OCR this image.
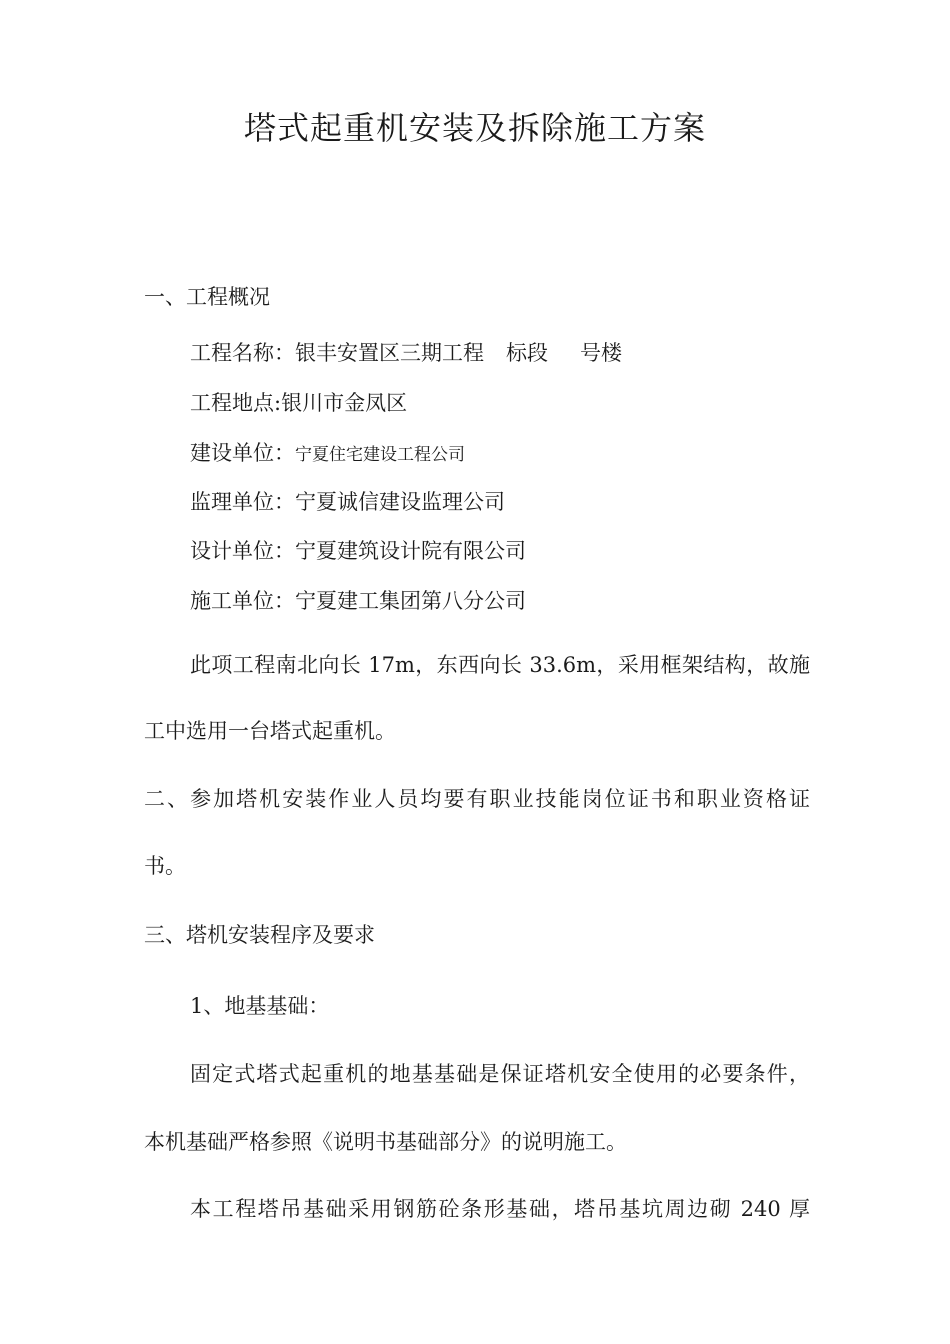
塔式起重机安装及拆除施工方案
一、工程概况
工程名称：银丰安置区三期工程 标段 号楼
工程地点:银川市金凤区
建设单位：宁夏住宅建设工程公司
监理单位：宁夏诚信建设监理公司
设计单位：宁夏建筑设计院有限公司
施工单位：宁夏建工集团第八分公司
此项工程南北向长 17m，东西向长 33.6m，采用框架结构，故施
工中选用一台塔式起重机。
二、参加塔机安装作业人员均要有职业技能岗位证书和职业资格证
书。
三、塔机安装程序及要求
1、地基基础：
固定式塔式起重机的地基基础是保证塔机安全使用的必要条件，
本机基础严格参照《说明书基础部分》的说明施工。
本工程塔吊基础采用钢筋砼条形基础，塔吊基坑周边砌 240 厚
